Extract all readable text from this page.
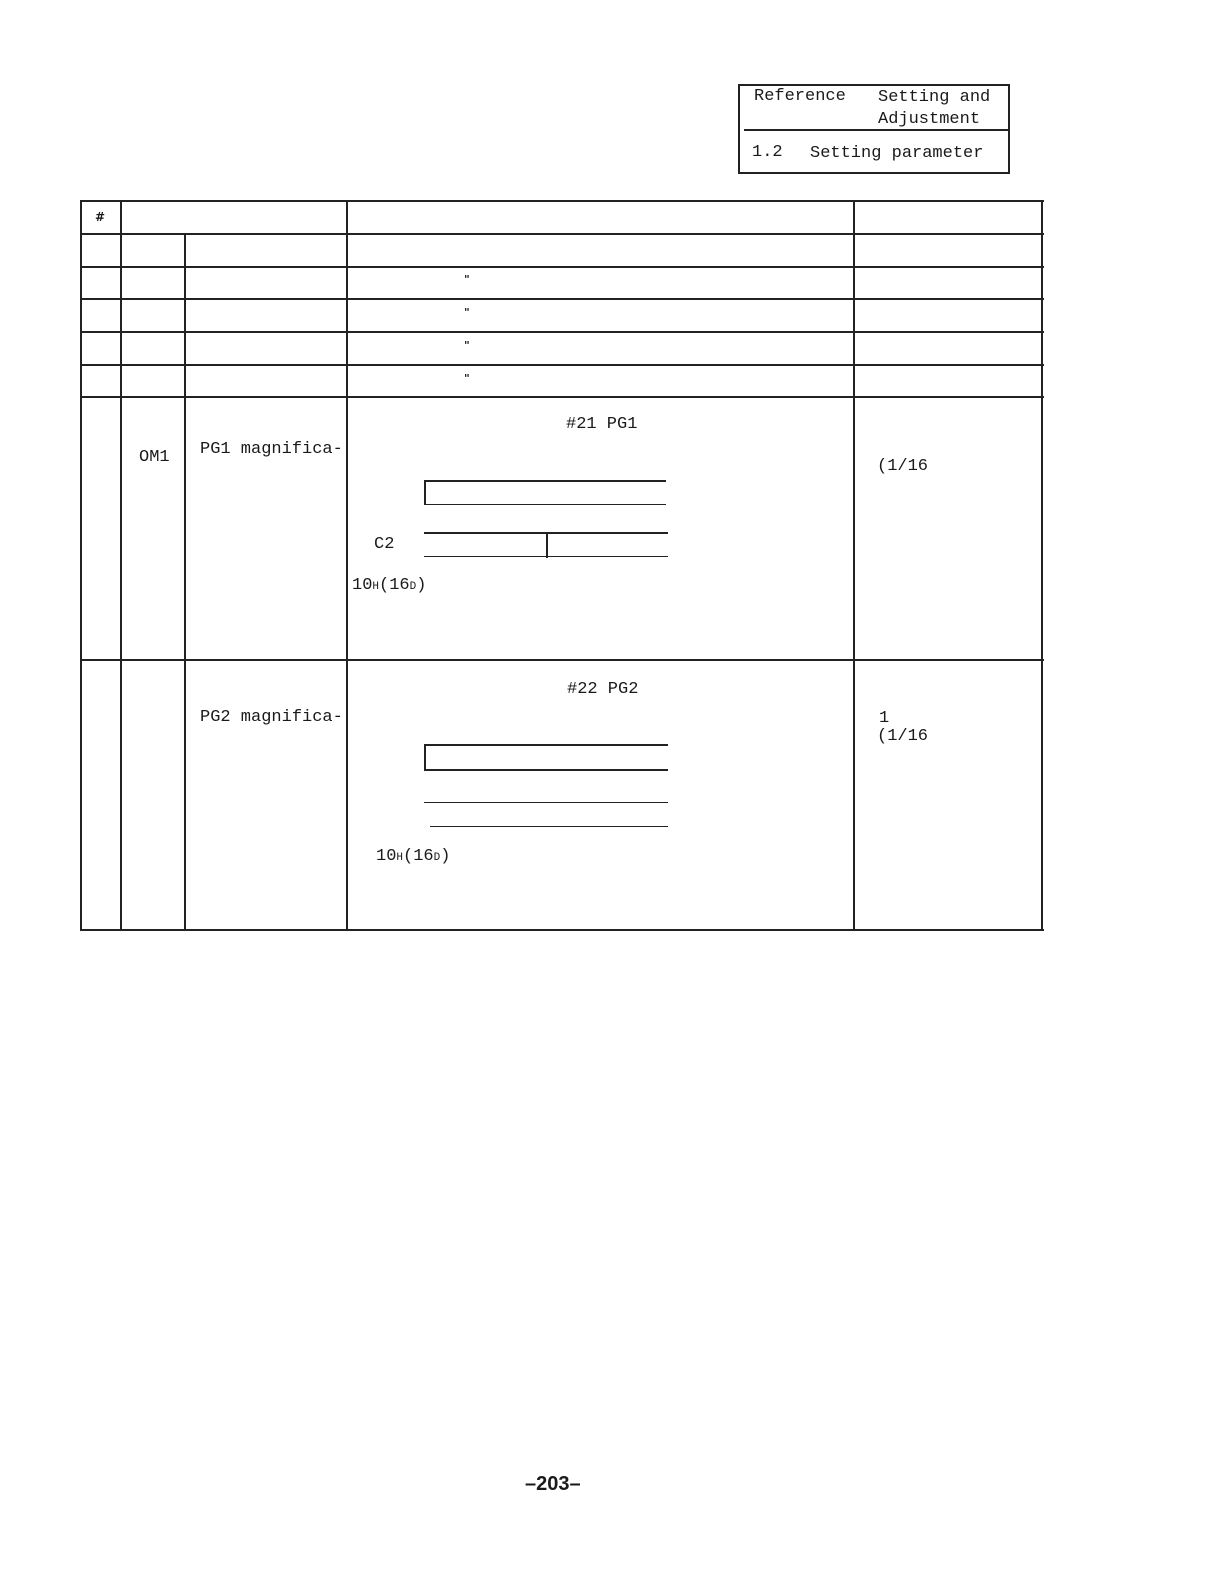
Reference Setting and
Adjustment
1.2 Setting parameter
#
"
"
"
"
OM1 PG1 magnifica-
#21 PG1
C2
10H(16D)
(1/16
PG2 magnifica-
#22 PG2
10H(16D)
1
(1/16
–203–
